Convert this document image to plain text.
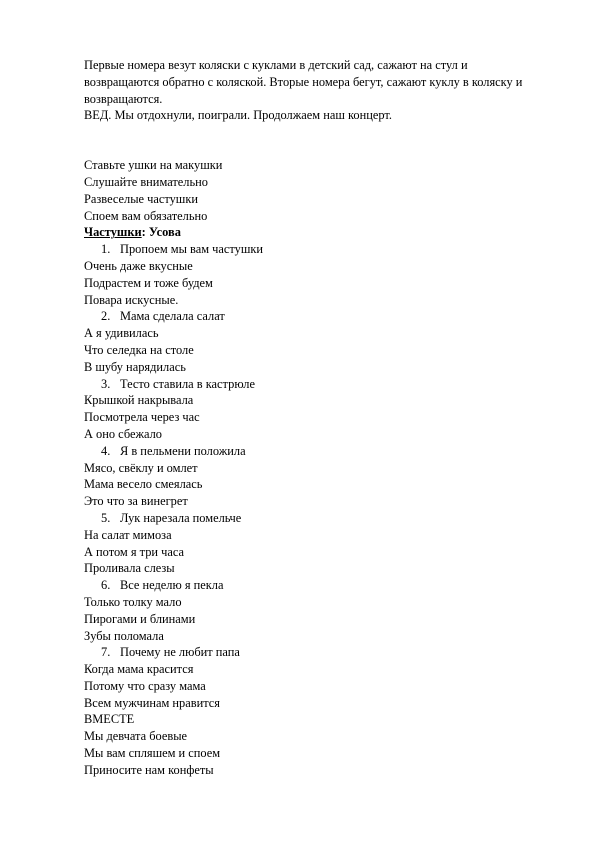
Первые номера везут коляски с куклами в детский сад, сажают на стул и возвращаются обратно с коляской. Вторые номера бегут, сажают куклу в коляску и возвращаются.

ВЕД. Мы отдохнули, поиграли. Продолжаем наш концерт.

Ставьте ушки на макушки
Слушайте внимательно
Развеселые частушки
Споем вам обязательно
Частушки: Усова
1. Пропоем мы вам частушки
Очень даже вкусные
Подрастем и тоже будем
Повара искусные.
2. Мама сделала салат
А я удивилась
Что селедка на столе
В шубу нарядилась
3. Тесто ставила в кастрюле
Крышкой накрывала
Посмотрела через час
А оно сбежало
4. Я в пельмени положила
Мясо, свёклу и омлет
Мама весело смеялась
Это что за винегрет
5. Лук нарезала помельче
На салат мимоза
А потом я три часа
Проливала слезы
6. Все неделю я пекла
Только толку мало
Пирогами и блинами
Зубы поломала
7. Почему не любит папа
Когда мама красится
Потому что сразу мама
Всем мужчинам нравится
ВМЕСТЕ
Мы девчата боевые
Мы вам спляшем и споем
Приносите нам конфеты
